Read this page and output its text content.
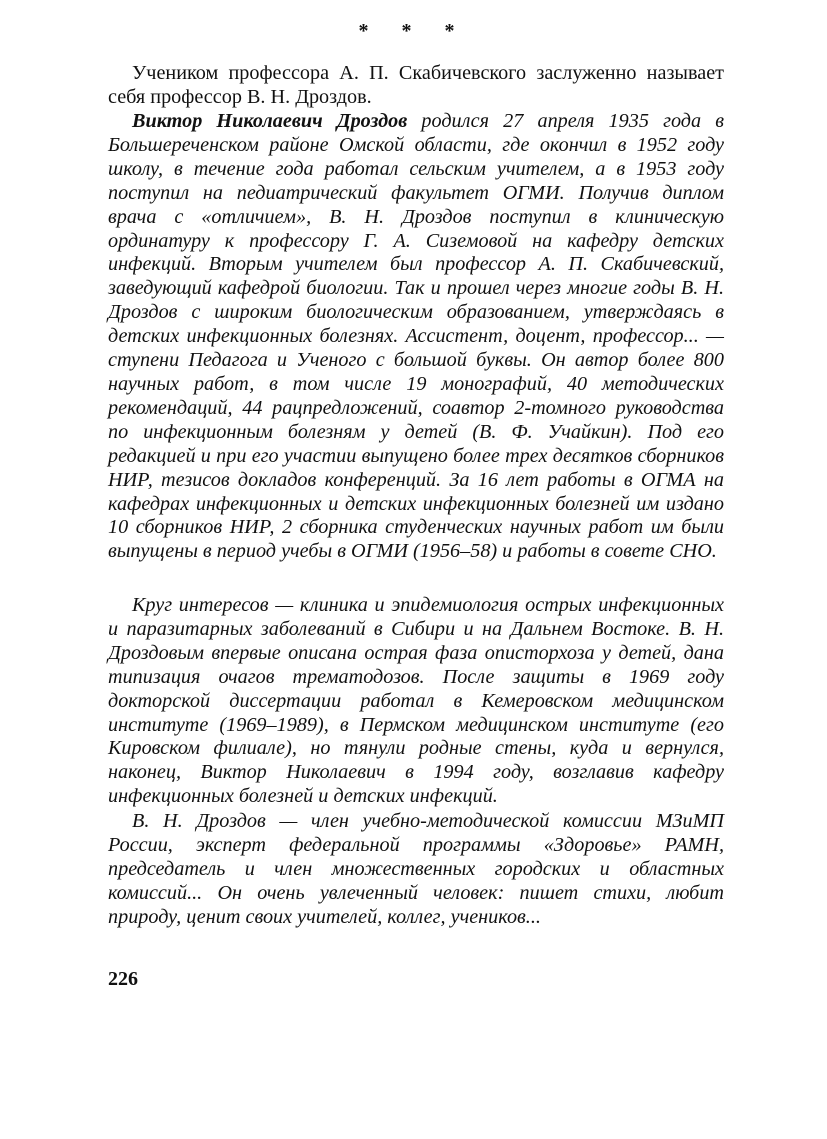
* * *

Учеником профессора А. П. Скабичевского заслуженно называет себя профессор В. Н. Дроздов.

Виктор Николаевич Дроздов родился 27 апреля 1935 года в Большереченском районе Омской области, где окончил в 1952 году школу, в течение года работал сельским учителем, а в 1953 году поступил на педиатрический факультет ОГМИ. Получив диплом врача с «отличием», В. Н. Дроздов поступил в клиническую ординатуру к профессору Г. А. Сиземовой на кафедру детских инфекций. Вторым учителем был профессор А. П. Скабичевский, заведующий кафедрой биологии. Так и прошел через многие годы В. Н. Дроздов с широким биологическим образованием, утверждаясь в детских инфекционных болезнях. Ассистент, доцент, профессор... — ступени Педагога и Ученого с большой буквы. Он автор более 800 научных работ, в том числе 19 монографий, 40 методических рекомендаций, 44 рацпредложений, соавтор 2-томного руководства по инфекционным болезням у детей (В. Ф. Учайкин). Под его редакцией и при его участии выпущено более трех десятков сборников НИР, тезисов докладов конференций. За 16 лет работы в ОГМА на кафедрах инфекционных и детских инфекционных болезней им издано 10 сборников НИР, 2 сборника студенческих научных работ им были выпущены в период учебы в ОГМИ (1956–58) и работы в совете СНО.

Круг интересов — клиника и эпидемиология острых инфекционных и паразитарных заболеваний в Сибири и на Дальнем Востоке. В. Н. Дроздовым впервые описана острая фаза описторхоза у детей, дана типизация очагов трематодозов. После защиты в 1969 году докторской диссертации работал в Кемеровском медицинском институте (1969–1989), в Пермском медицинском институте (его Кировском филиале), но тянули родные стены, куда и вернулся, наконец, Виктор Николаевич в 1994 году, возглавив кафедру инфекционных болезней и детских инфекций.

В. Н. Дроздов — член учебно-методической комиссии МЗиМП России, эксперт федеральной программы «Здоровье» РАМН, председатель и член множественных городских и областных комиссий... Он очень увлеченный человек: пишет стихи, любит природу, ценит своих учителей, коллег, учеников...

226
